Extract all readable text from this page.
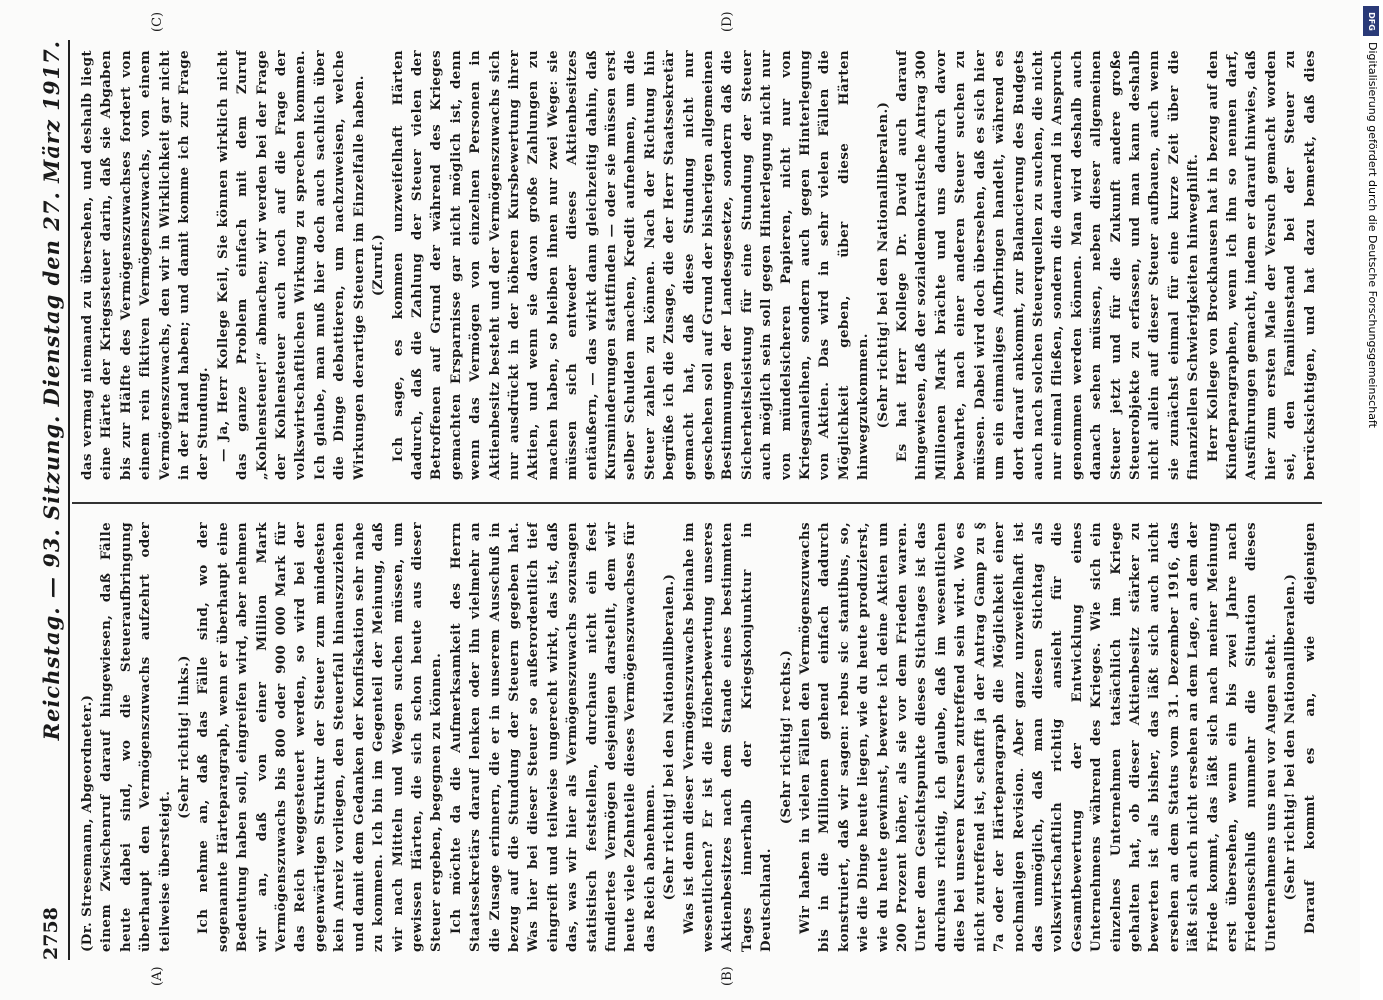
2758
Reichstag. — 93. Sitzung. Dienstag den 27. März 1917.
(A)	(B)
(C)	(D)

(Dr. Stresemann, Abgeordneter.) einem Zwischenruf darauf hingewiesen, daß Fälle heute dabei sind, wo die Steueraufbringung überhaupt den Vermögenszuwachs aufzehrt oder teilweise übersteigt.

(Sehr richtig! links.) Ich nehme an, daß das Fälle sind, wo der sogenannte Härteparagraph, wenn er überhaupt eine Bedeutung haben soll, eingreifen wird, aber nehmen wir an, daß von einer Million Mark Vermögenszuwachs bis 800 oder 900 000 Mark für das Reich weggesteuert werden, so wird bei der gegenwärtigen Struktur der Steuer zum mindesten kein Anreiz vorliegen, den Steuerfall hinauszuziehen und damit dem Gedanken der Konfiskation sehr nahe zu kommen. Ich bin im Gegenteil der Meinung, daß wir nach Mitteln und Wegen suchen müssen, um gewissen Härten, die sich schon heute aus dieser Steuer ergeben, begegnen zu können. Ich möchte da die Aufmerksamkeit des Herrn Staatssekretärs darauf lenken oder ihn vielmehr an die Zusage erinnern, die er in unserem Ausschuß in bezug auf die Stundung der Steuern gegeben hat. Was hier bei dieser Steuer so außerordentlich tief eingreift und teilweise ungerecht wirkt, das ist, daß das, was wir hier als Vermögenszuwachs sozusagen statistisch feststellen, durchaus nicht ein fest fundiertes Vermögen desjenigen darstellt, dem wir heute viele Zehnteile dieses Vermögenszuwachses für das Reich abnehmen. (Sehr richtig! bei den Nationalliberalen.) Was ist denn dieser Vermögenszuwachs beinahe im wesentlichen? Er ist die Höherbewertung unseres Aktienbesitzes nach dem Stande eines bestimmten Tages innerhalb der Kriegskonjunktur in Deutschland.

(Sehr richtig! rechts.) Wir haben in vielen Fällen den Vermögenszuwachs bis in die Millionen gehend einfach dadurch konstruiert, daß wir sagen: rebus sic stantibus, so, wie die Dinge heute liegen, wie du heute produzierst, wie du heute gewinnst, bewerte ich deine Aktien um 200 Prozent höher, als sie vor dem Frieden waren. Unter dem Gesichtspunkte dieses Stichtages ist das durchaus richtig, ich glaube, daß im wesentlichen dies bei unseren Kursen zutreffend sein wird. Wo es nicht zutreffend ist, schafft ja der Antrag Gamp zu § 7a oder der Härteparagraph die Möglichkeit einer nochmaligen Revision. Aber ganz unzweifelhaft ist das unmöglich, daß man diesen Stichtag als volkswirtschaftlich richtig ansieht für die Gesamtbewertung der Entwicklung eines Unternehmens während des Krieges. Wie sich ein einzelnes Unternehmen tatsächlich im Kriege gehalten hat, ob dieser Aktienbesitz stärker zu bewerten ist als bisher, das läßt sich auch nicht ersehen an dem Status vom 31. Dezember 1916, das läßt sich auch nicht ersehen an dem Lage, an dem der Friede kommt, das läßt sich nach meiner Meinung erst übersehen, wenn ein bis zwei Jahre nach Friedensschluß nunmehr die Situation dieses Unternehmens uns neu vor Augen steht. (Sehr richtig! bei den Nationalliberalen.)

Darauf kommt es an, wie diejenigen

das vermag niemand zu übersehen, und deshalb liegt eine Härte der Kriegssteuer darin, daß sie Abgaben bis zur Hälfte des Vermögenszuwachses fordert von einem rein fiktiven Vermögenszuwachs, von einem Vermögenszuwachs, den wir in Wirklichkeit gar nicht in der Hand haben; und damit komme ich zur Frage der Stundung. — Ja, Herr Kollege Keil, Sie können wirklich nicht das ganze Problem einfach mit dem Zuruf „Kohlensteuer!“ abmachen; wir werden bei der Frage der Kohlensteuer auch noch auf die Frage der volkswirtschaftlichen Wirkung zu sprechen kommen. Ich glaube, man muß hier doch auch sachlich über die Dinge debattieren, um nachzuweisen, welche Wirkungen derartige Steuern im Einzelfalle haben. (Zuruf.) Ich sage, es kommen unzweifelhaft Härten dadurch, daß die Zahlung der Steuer vielen der Betroffenen auf Grund der während des Krieges gemachten Ersparnisse gar nicht möglich ist, denn wenn das Vermögen von einzelnen Personen in Aktienbesitz besteht und der Vermögenszuwachs sich nur ausdrückt in der höheren Kursbewertung ihrer Aktien, und wenn sie davon große Zahlungen zu machen haben, so bleiben ihnen nur zwei Wege: sie müssen sich entweder dieses Aktienbesitzes entäußern, — das wirkt dann gleichzeitig dahin, daß Kursminderungen stattfinden — oder sie müssen erst selber Schulden machen, Kredit aufnehmen, um die Steuer zahlen zu können. Nach der Richtung hin begrüße ich die Zusage, die der Herr Staatssekretär gemacht hat, daß diese Stundung nicht nur geschehen soll auf Grund der bisherigen allgemeinen Bestimmungen der Landesgesetze, sondern daß die Sicherheitsleistung für eine Stundung der Steuer auch möglich sein soll gegen Hinterlegung nicht nur von mündelsicheren Papieren, nicht nur von Kriegsanleihen, sondern auch gegen Hinterlegung von Aktien. Das wird in sehr vielen Fällen die Möglichkeit geben, über diese Härten hinwegzukommen. (Sehr richtig! bei den Nationalliberalen.) Es hat Herr Kollege Dr. David auch darauf hingewiesen, daß der sozialdemokratische Antrag 300 Millionen Mark brächte und uns dadurch davor bewahrte, nach einer anderen Steuer suchen zu müssen. Dabei wird doch übersehen, daß es sich hier um ein einmaliges Aufbringen handelt, während es dort darauf ankommt, zur Balancierung des Budgets auch nach solchen Steuerquellen zu suchen, die nicht nur einmal fließen, sondern die dauernd in Anspruch genommen werden können. Man wird deshalb auch danach sehen müssen, neben dieser allgemeinen Steuer jetzt und für die Zukunft andere große Steuerobjekte zu erfassen, und man kann deshalb nicht allein auf dieser Steuer aufbauen, auch wenn sie zunächst einmal für eine kurze Zeit über die finanziellen Schwierigkeiten hinweghilft. Herr Kollege von Brockhausen hat in bezug auf den Kinderparagraphen, wenn ich ihn so nennen darf, Ausführungen gemacht, indem er darauf hinwies, daß hier zum ersten Male der Versuch gemacht worden sei, den Familienstand bei der Steuer zu berücksichtigen, und hat dazu bemerkt, daß dies

DFG
Digitalisierung gefördert durch die Deutsche Forschungsgemeinschaft
